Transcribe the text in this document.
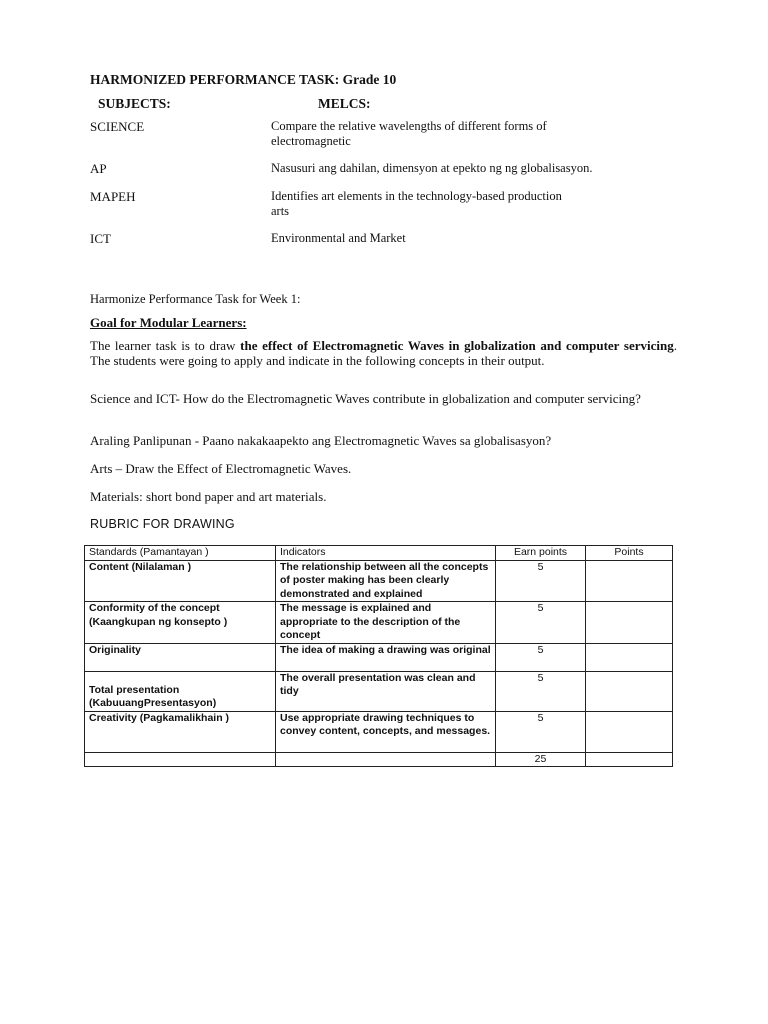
HARMONIZED PERFORMANCE TASK: Grade 10
SUBJECTS:	MELCS:
SCIENCE	Compare the relative wavelengths of different forms of electromagnetic
AP	Nasusuri ang dahilan, dimensyon at epekto ng ng globalisasyon.
MAPEH	Identifies art elements in the technology-based production arts
ICT	Environmental and Market
Harmonize Performance Task for Week 1:
Goal for Modular Learners:
The learner task is to draw the effect of Electromagnetic Waves in globalization and computer servicing. The students were going to apply and indicate in the following concepts in their output.
Science and ICT- How do the Electromagnetic Waves contribute in globalization and computer servicing?
Araling Panlipunan - Paano nakakaapekto ang Electromagnetic Waves sa globalisasyon?
Arts – Draw the Effect of Electromagnetic Waves.
Materials: short bond paper and art materials.
RUBRIC FOR DRAWING
Standards (Pamantayan )	Indicators	Earn points	Points
Content (Nilalaman )	The relationship between all the concepts of poster making has been clearly demonstrated and explained	5	
Conformity of the concept (Kaangkupan ng konsepto )	The message is explained and appropriate to the description of the concept	5	
Originality	The idea of making a drawing was original	5	
Total presentation (KabuuangPresentasyon)	The overall presentation was clean and tidy	5	
Creativity (Pagkamalikhain )	Use appropriate drawing techniques to convey content, concepts, and messages.	5	
		25	
